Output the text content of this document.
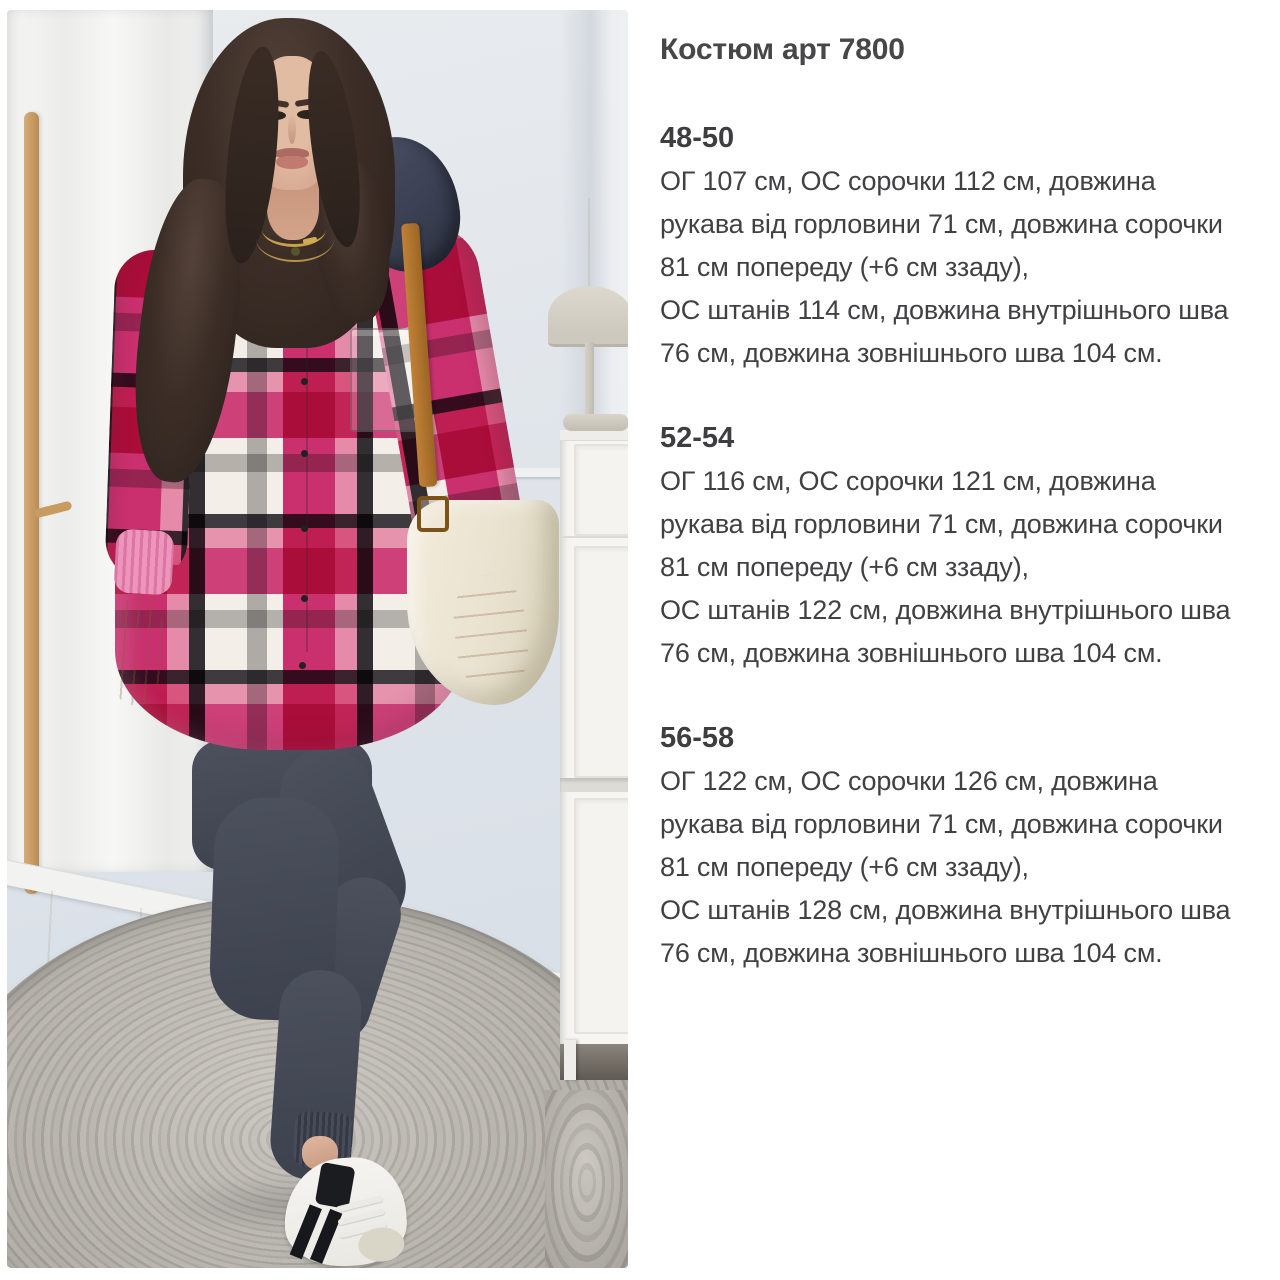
Костюм арт 7800
48-50
ОГ 107 см, ОС сорочки 112 см, довжина
рукава від горловини 71 см, довжина сорочки
81 см попереду (+6 см ззаду),
ОС штанів 114 см, довжина внутрішнього шва
76 см, довжина зовнішнього шва 104 см.
52-54
ОГ 116 см, ОС сорочки 121 см, довжина
рукава від горловини 71 см, довжина сорочки
81 см попереду (+6 см ззаду),
ОС штанів 122 см, довжина внутрішнього шва
76 см, довжина зовнішнього шва 104 см.
56-58
ОГ 122 см, ОС сорочки 126 см, довжина
рукава від горловини 71 см, довжина сорочки
81 см попереду (+6 см ззаду),
ОС штанів 128 см, довжина внутрішнього шва
76 см, довжина зовнішнього шва 104 см.
